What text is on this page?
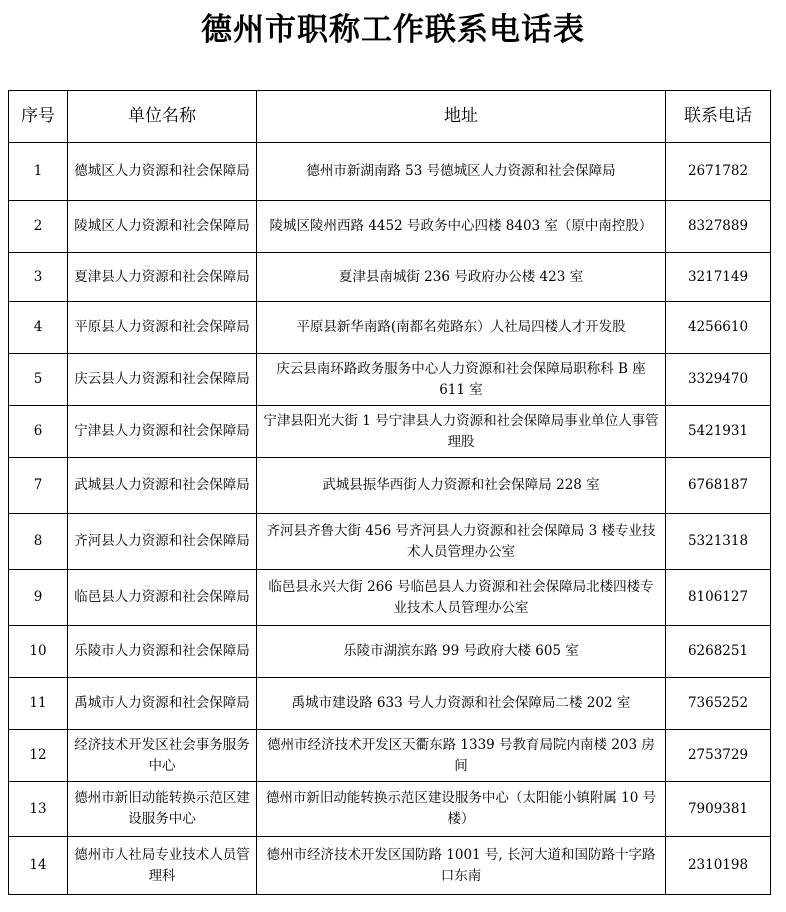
德州市职称工作联系电话表
序号	单位名称	地址	联系电话
1	德城区人力资源和社会保障局	德州市新湖南路 53 号德城区人力资源和社会保障局	2671782
2	陵城区人力资源和社会保障局	陵城区陵州西路 4452 号政务中心四楼 8403 室（原中南控股）	8327889
3	夏津县人力资源和社会保障局	夏津县南城街 236 号政府办公楼 423 室	3217149
4	平原县人力资源和社会保障局	平原县新华南路(南都名苑路东）人社局四楼人才开发股	4256610
5	庆云县人力资源和社会保障局	庆云县南环路政务服务中心人力资源和社会保障局职称科 B 座 611 室	3329470
6	宁津县人力资源和社会保障局	宁津县阳光大街 1 号宁津县人力资源和社会保障局事业单位人事管理股	5421931
7	武城县人力资源和社会保障局	武城县振华西街人力资源和社会保障局 228 室	6768187
8	齐河县人力资源和社会保障局	齐河县齐鲁大街 456 号齐河县人力资源和社会保障局 3 楼专业技术人员管理办公室	5321318
9	临邑县人力资源和社会保障局	临邑县永兴大街 266 号临邑县人力资源和社会保障局北楼四楼专业技术人员管理办公室	8106127
10	乐陵市人力资源和社会保障局	乐陵市湖滨东路 99 号政府大楼 605 室	6268251
11	禹城市人力资源和社会保障局	禹城市建设路 633 号人力资源和社会保障局二楼 202 室	7365252
12	经济技术开发区社会事务服务中心	德州市经济技术开发区天衢东路 1339 号教育局院内南楼 203 房间	2753729
13	德州市新旧动能转换示范区建设服务中心	德州市新旧动能转换示范区建设服务中心（太阳能小镇附属 10 号楼）	7909381
14	德州市人社局专业技术人员管理科	德州市经济技术开发区国防路 1001 号, 长河大道和国防路十字路口东南	2310198
